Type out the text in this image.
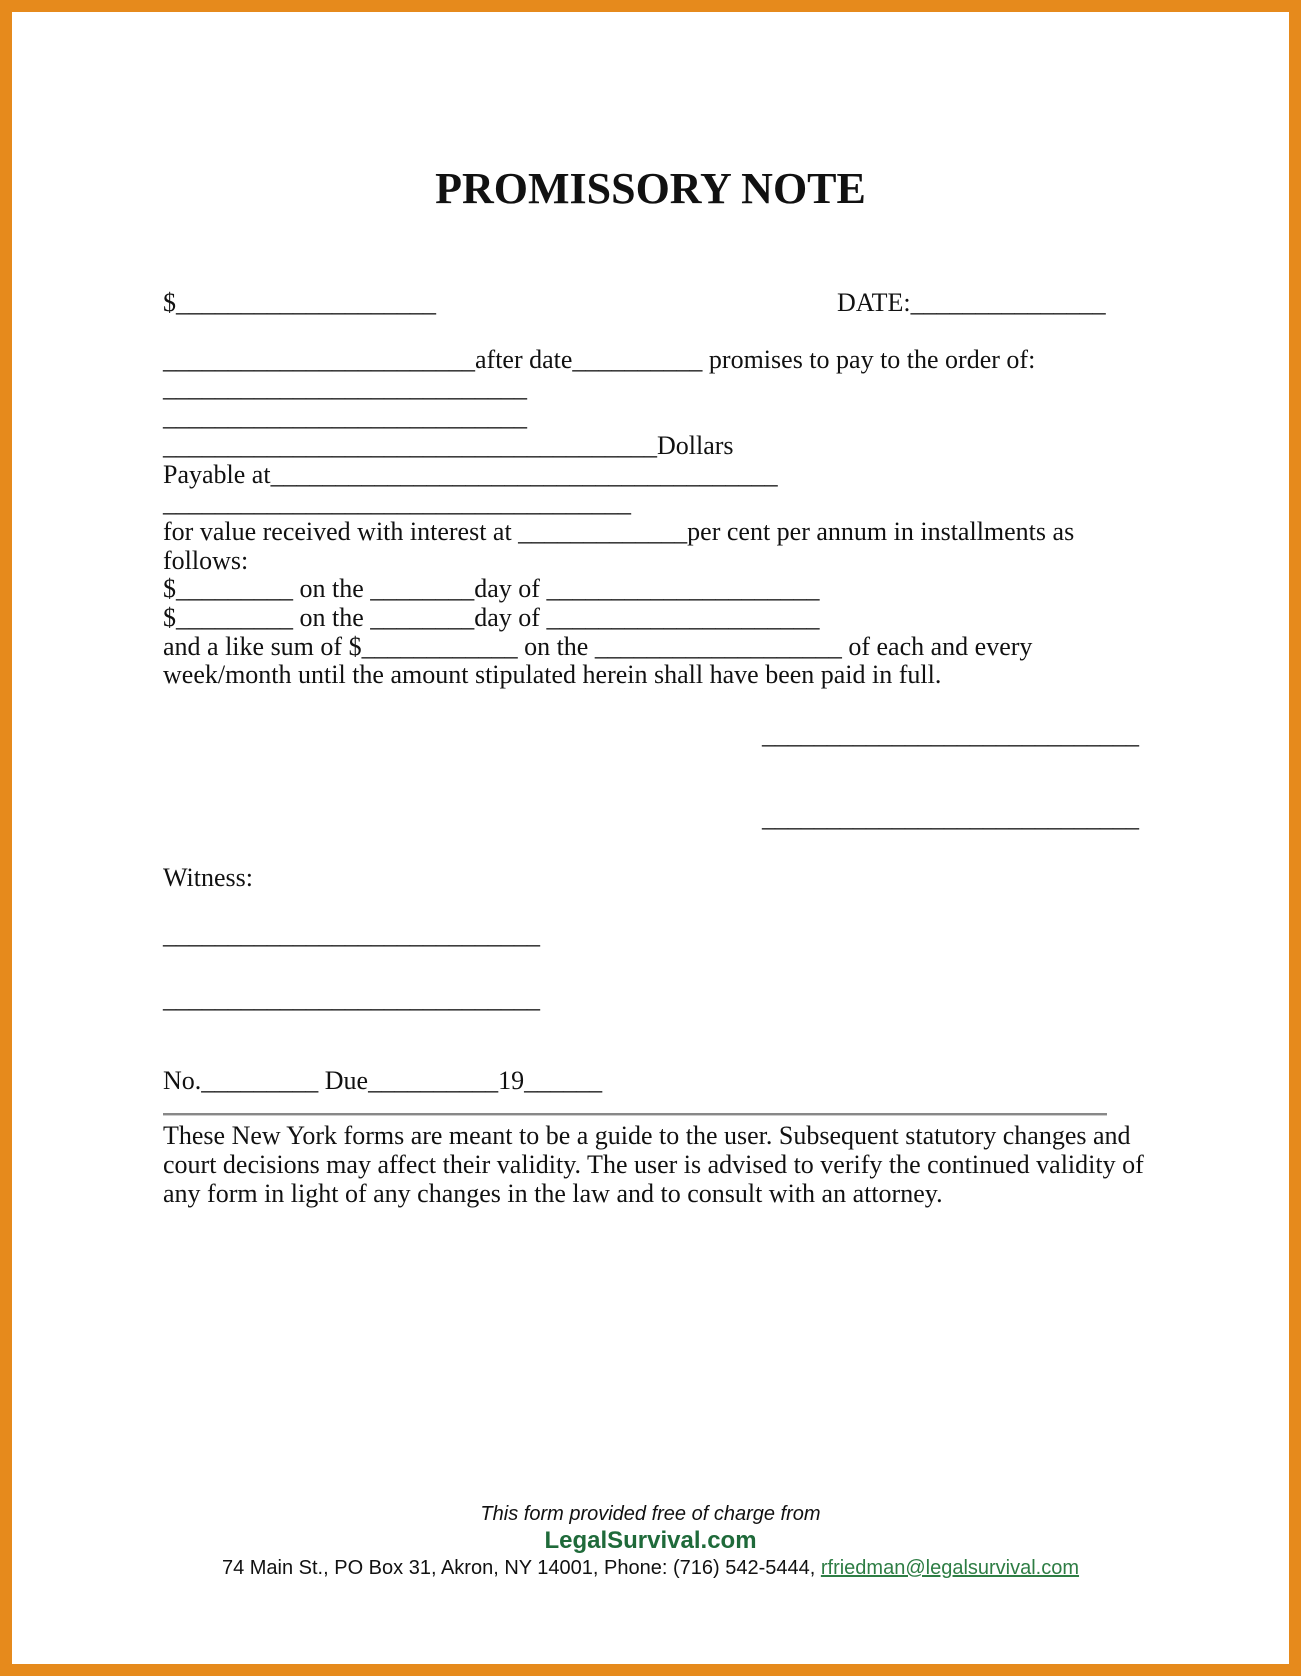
PROMISSORY NOTE
$____________________	DATE:_______________
________________________after date__________ promises to pay to the order of:
____________________________
____________________________
______________________________________Dollars
Payable at_______________________________________
____________________________________
for value received with interest at _____________per cent per annum in installments as
follows:
$_________ on the ________day of _____________________
$_________ on the ________day of _____________________
and a like sum of $____________ on the ___________________ of each and every
week/month until the amount stipulated herein shall have been paid in full.
_____________________________
_____________________________
Witness:
_____________________________
_____________________________
No._________ Due__________19______
These New York forms are meant to be a guide to the user. Subsequent statutory changes and
court decisions may affect their validity. The user is advised to verify the continued validity of
any form in light of any changes in the law and to consult with an attorney.
This form provided free of charge from
LegalSurvival.com
74 Main St., PO Box 31, Akron, NY 14001, Phone: (716) 542-5444, rfriedman@legalsurvival.com
